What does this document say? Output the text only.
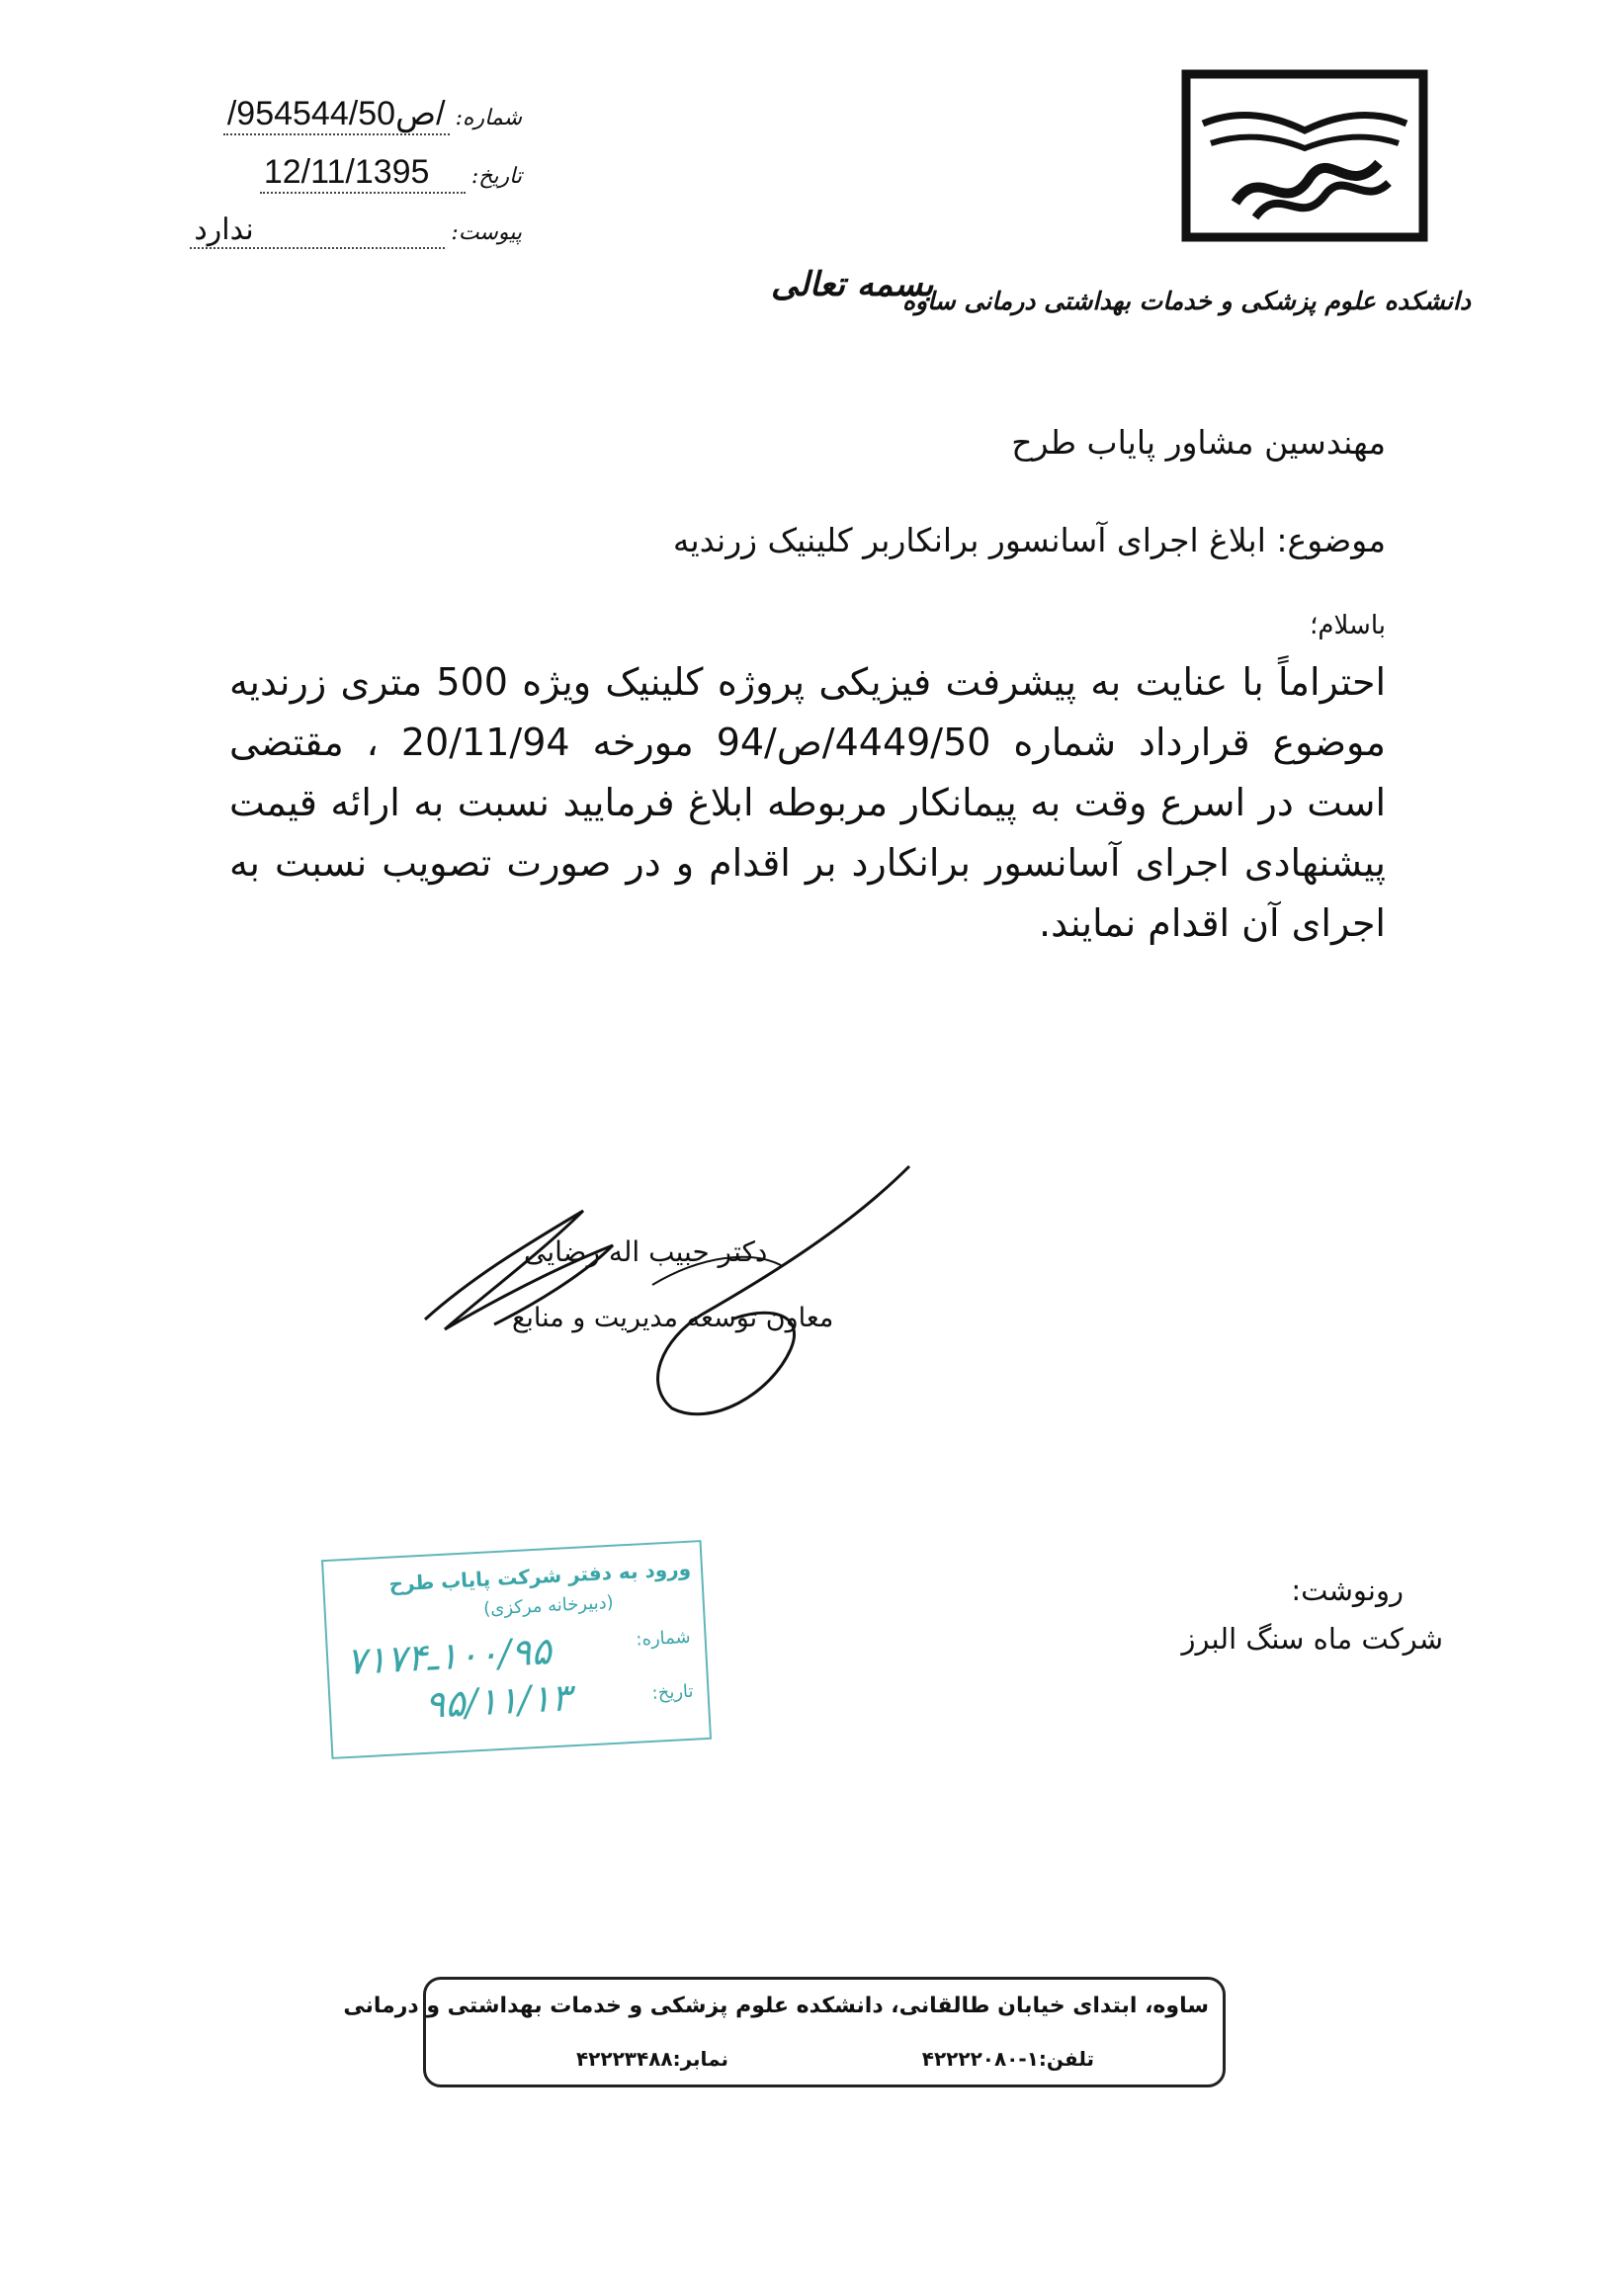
دانشکده علوم پزشکی و خدمات بهداشتی درمانی ساوه
بسمه تعالی
شماره:
/95ص4544/50/
تاریخ:
12/11/1395
پیوست:
ندارد
مهندسین مشاور پایاب طرح
موضوع: ابلاغ اجرای آسانسور برانکاربر کلینیک زرندیه
باسلام؛
احتراماً با عنایت به پیشرفت فیزیکی پروژه کلینیک ویژه 500 متری زرندیه موضوع قرارداد شماره 4449/50/ص/94 مورخه 20/11/94 ، مقتضی است در اسرع وقت به پیمانکار مربوطه ابلاغ فرمایید نسبت به ارائه قیمت پیشنهادی اجرای آسانسور برانکارد بر اقدام و در صورت تصویب نسبت به اجرای آن اقدام نمایند.
دکتر حبیب اله رضایی
معاون توسعه مدیریت و منابع
رونوشت:
شرکت ماه سنگ البرز
ورود به دفتر شرکت پایاب طرح
(دبیرخانه مرکزی)
شماره:
تاریخ:
۱۰۰/۹۵ـ۷۱۷۴
۹۵/۱۱/۱۳
ساوه، ابتدای خیابان طالقانی، دانشکده علوم پزشکی و خدمات بهداشتی و درمانی
تلفن:۱-۴۲۲۲۲۰۸۰
نمابر:۴۲۲۲۳۴۸۸
